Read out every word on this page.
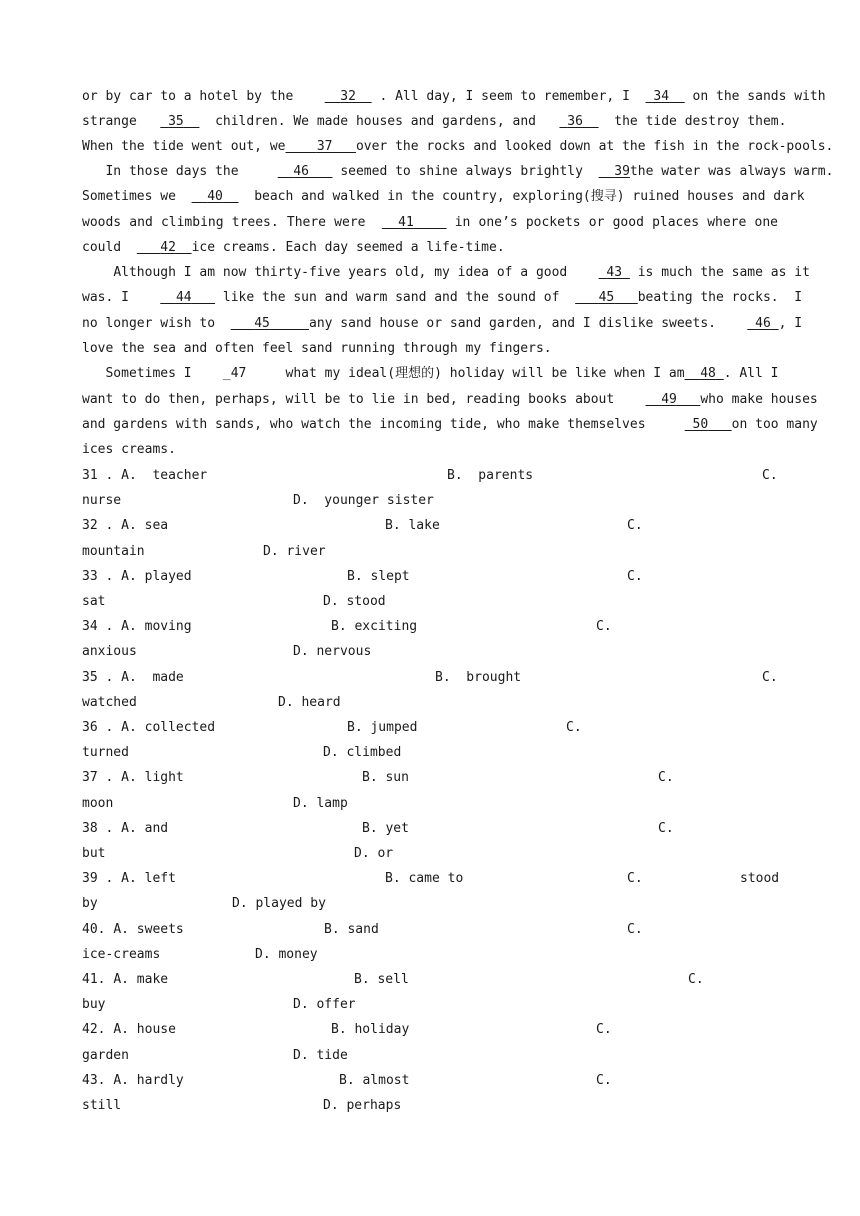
or by car to a hotel by the	32 . All day, I seem to remember, I 34 on the sands with
strange 35 children. We made houses and gardens, and 36 the tide destroy them.
When the tide went out, we 37 over the rocks and looked down at the fish in the rock-pools.
In those days the	46 seemed to shine always brightly 39the water was always warm.
Sometimes we 40 beach and walked in the country, exploring(搜寻) ruined houses and dark
woods and climbing trees. There were	41	in one’s pockets or good places where one
could	42 ice creams. Each day seemed a life-time.
Although I am now thirty-five years old, my idea of a good	43 is much the same as it
was. I	44 like the sun and warm sand and the sound of	45 beating the rocks.  I
no longer wish to	45	any sand house or sand garden, and I dislike sweets.	46 , I
love the sea and often feel sand running through my fingers.
Sometimes I _47	what my ideal(理想的) holiday will be like when I am 48 . All I
want to do then, perhaps, will be to lie in bed, reading books about	49 who make houses
and gardens with sands, who watch the incoming tide, who make themselves	50 on too many
ices creams.
31 . A.  teacher	B.  parents	C.
nurse	D.  younger sister
32 . A. sea	B. lake	C.
mountain	D. river
33 . A. played	B. slept	C.
sat	D. stood
34 . A. moving	B. exciting	C.
anxious	D. nervous
35 . A.  made	B.  brought	C.
watched	D. heard
36 . A. collected	B. jumped	C.
turned	D. climbed
37 . A. light	B. sun	C.
moon	D. lamp
38 . A. and	B. yet	C.
but	D. or
39 . A. left	B. came to	C.	stood
by	D. played by
40. A. sweets	B. sand	C.
ice-creams	D. money
41. A. make	B. sell	C.
buy	D. offer
42. A. house	B. holiday	C.
garden	D. tide
43. A. hardly	B. almost	C.
still	D. perhaps
